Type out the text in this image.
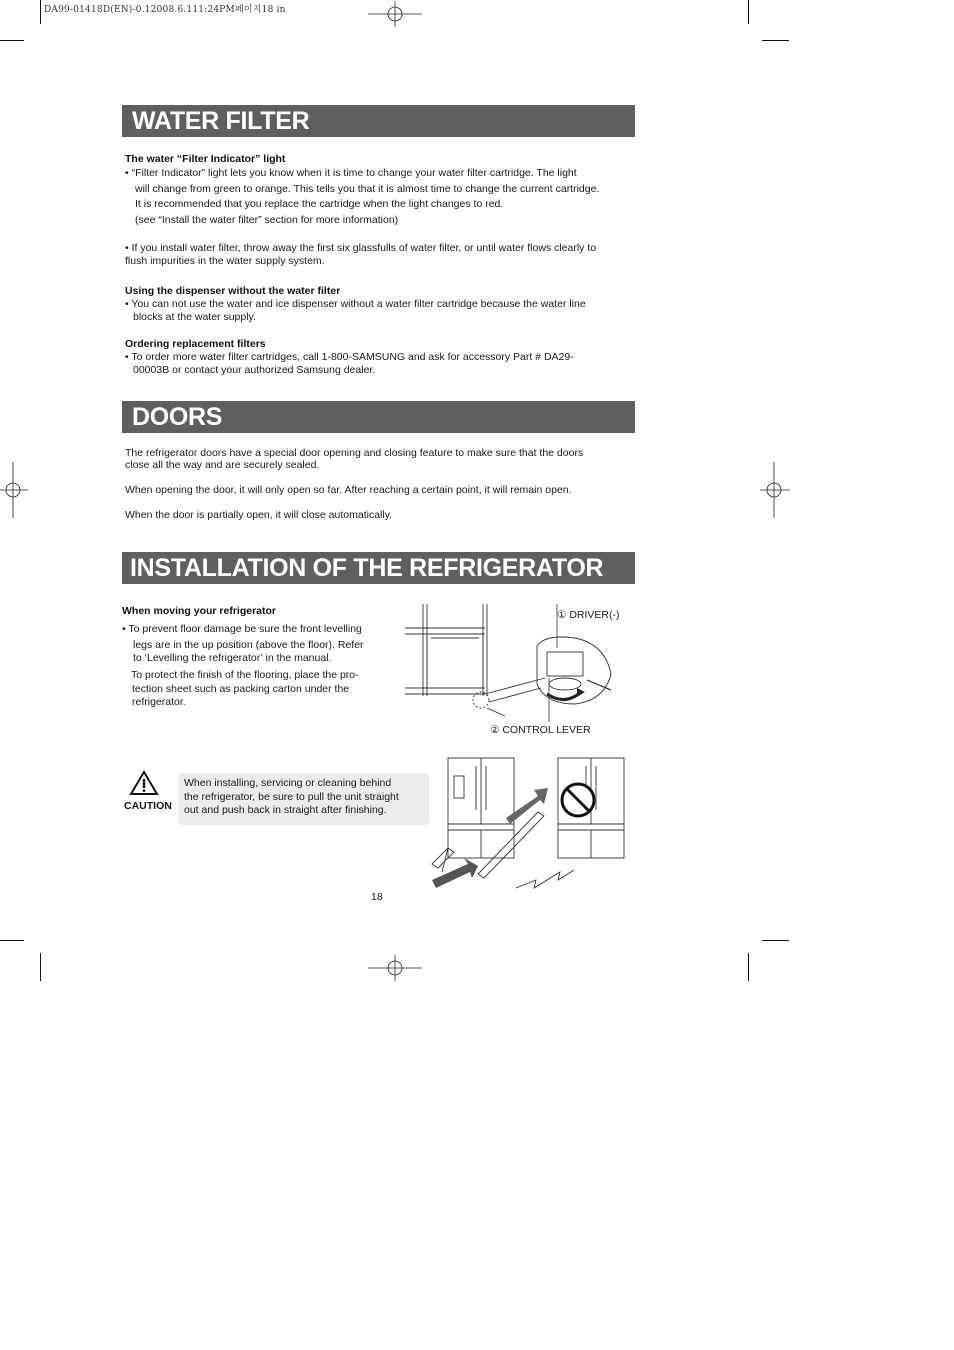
DA99-01418D(EN)-0.12008.6.111:24PM페이지18 in
WATER FILTER
The water “Filter Indicator” light
• “Filter Indicator” light lets you know when it is time to change your water filter cartridge. The light
will change from green to orange. This tells you that it is almost time to change the current cartridge.
It is recommended that you replace the cartridge when the light changes to red.
(see “Install the water filter” section for more information)
• If you install water filter, throw away the first six glassfulls of water filter, or until water flows clearly to
flush impurities in the water supply system.
Using the dispenser without the water filter
• You can not use the water and ice dispenser without a water filter cartridge because the water line
blocks at the water supply.
Ordering replacement filters
• To order more water filter cartridges, call 1-800-SAMSUNG and ask for accessory Part # DA29-
00003B or contact your authorized Samsung dealer.
DOORS
The refrigerator doors have a special door opening and closing feature to make sure that the doors
close all the way and are securely sealed.
When opening the door, it will only open so far. After reaching a certain point, it will remain open.
When the door is partially open, it will close automatically.
INSTALLATION OF THE REFRIGERATOR
When moving your refrigerator
• To prevent floor damage be sure the front levelling
legs are in the up position (above the floor). Refer
to ‘Levelling the refrigerator’ in the manual.
To protect the finish of the flooring, place the pro-
tection sheet such as packing carton under the
refrigerator.
① DRIVER(-)
② CONTROL LEVER
CAUTION
When installing, servicing or cleaning behind
the refrigerator, be sure to pull the unit straight
out and push back in straight after finishing.
18
